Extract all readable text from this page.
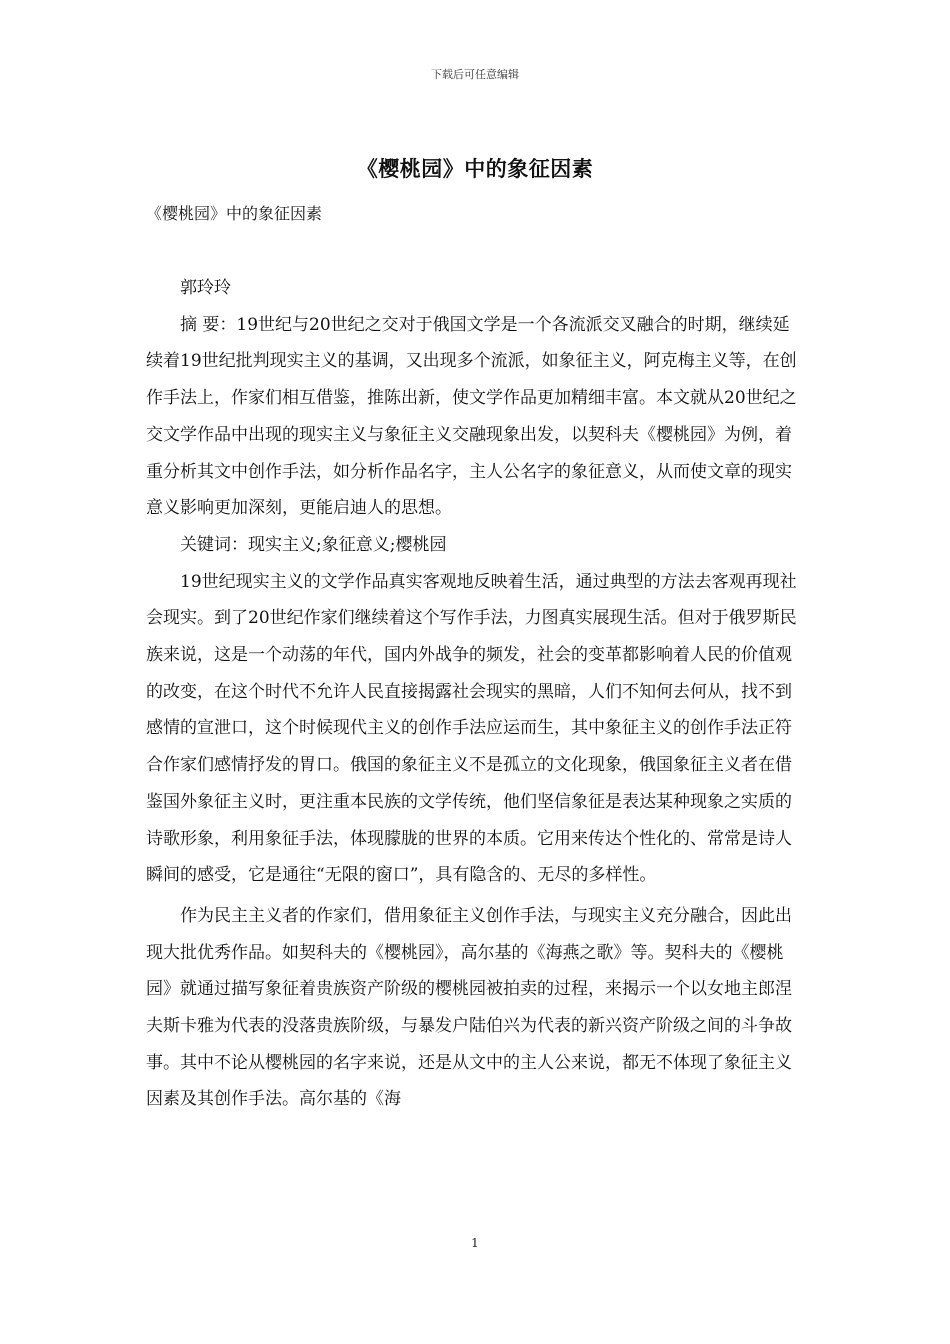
下载后可任意编辑
《樱桃园》中的象征因素
《樱桃园》中的象征因素

郭玲玲

摘 要：19世纪与20世纪之交对于俄国文学是一个各流派交叉融合的时期，继续延续着19世纪批判现实主义的基调，又出现多个流派，如象征主义，阿克梅主义等，在创作手法上，作家们相互借鉴，推陈出新，使文学作品更加精细丰富。本文就从20世纪之交文学作品中出现的现实主义与象征主义交融现象出发，以契科夫《樱桃园》为例，着重分析其文中创作手法，如分析作品名字，主人公名字的象征意义，从而使文章的现实意义影响更加深刻，更能启迪人的思想。

关键词：现实主义;象征意义;樱桃园

19世纪现实主义的文学作品真实客观地反映着生活，通过典型的方法去客观再现社会现实。到了20世纪作家们继续着这个写作手法，力图真实展现生活。但对于俄罗斯民族来说，这是一个动荡的年代，国内外战争的频发，社会的变革都影响着人民的价值观的改变，在这个时代不允许人民直接揭露社会现实的黑暗，人们不知何去何从，找不到感情的宣泄口，这个时候现代主义的创作手法应运而生，其中象征主义的创作手法正符合作家们感情抒发的胃口。俄国的象征主义不是孤立的文化现象，俄国象征主义者在借鉴国外象征主义时，更注重本民族的文学传统，他们坚信象征是表达某种现象之实质的诗歌形象，利用象征手法，体现朦胧的世界的本质。它用来传达个性化的、常常是诗人瞬间的感受，它是通往“无限的窗口”，具有隐含的、无尽的多样性。

作为民主主义者的作家们，借用象征主义创作手法，与现实主义充分融合，因此出现大批优秀作品。如契科夫的《樱桃园》，高尔基的《海燕之歌》等。契科夫的《樱桃园》就通过描写象征着贵族资产阶级的樱桃园被拍卖的过程，来揭示一个以女地主郎涅夫斯卡雅为代表的没落贵族阶级，与暴发户陆伯兴为代表的新兴资产阶级之间的斗争故事。其中不论从樱桃园的名字来说，还是从文中的主人公来说，都无不体现了象征主义因素及其创作手法。高尔基的《海

1
